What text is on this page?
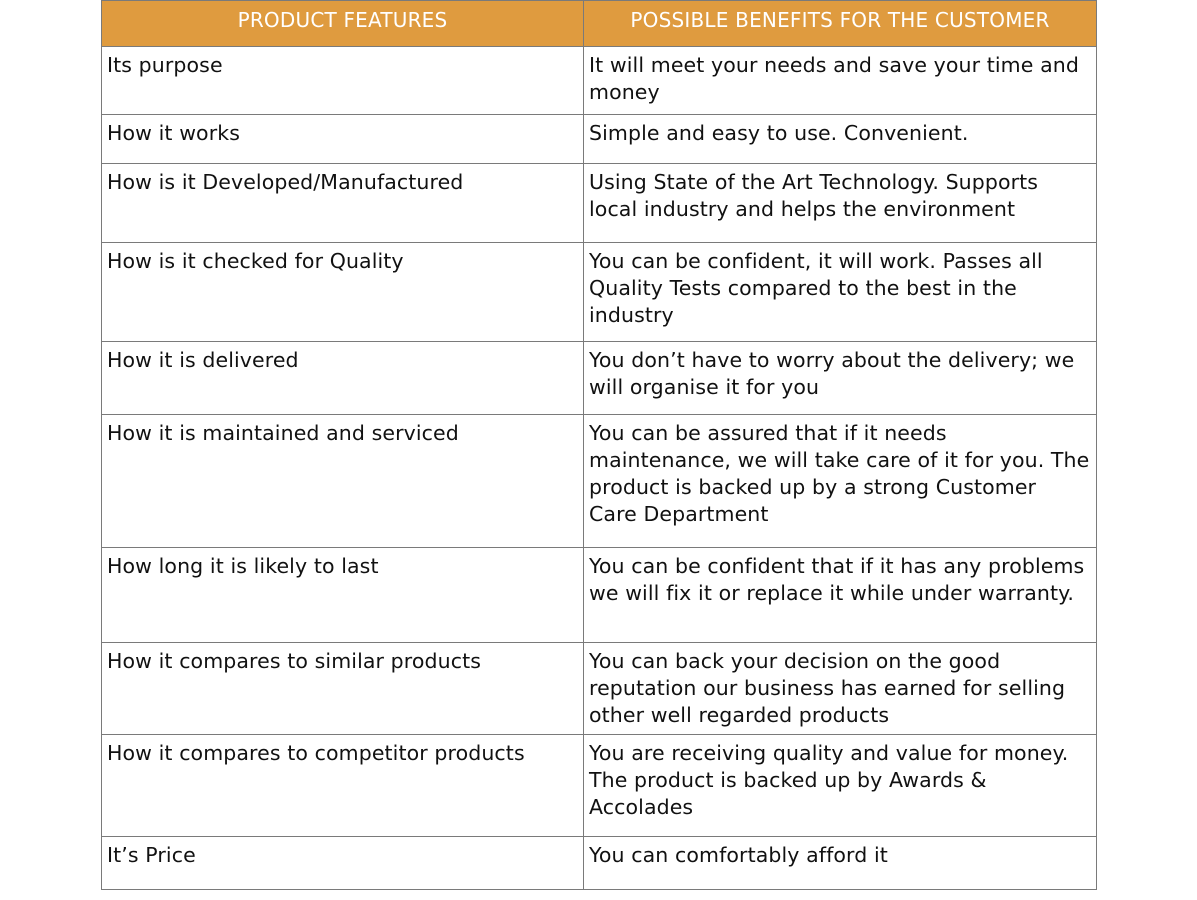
PRODUCT FEATURES	POSSIBLE BENEFITS FOR THE CUSTOMER
Its purpose	It will meet your needs and save your time and money
How it works	Simple and easy to use. Convenient.
How is it Developed/Manufactured	Using State of the Art Technology. Supports local industry and helps the environment
How is it checked for Quality	You can be confident, it will work. Passes all Quality Tests compared to the best in the industry
How it is delivered	You don’t have to worry about the delivery; we will organise it for you
How it is maintained and serviced	You can be assured that if it needs maintenance, we will take care of it for you. The product is backed up by a strong Customer Care Department
How long it is likely to last	You can be confident that if it has any problems we will fix it or replace it while under warranty.
How it compares to similar products	You can back your decision on the good reputation our business has earned for selling other well regarded products
How it compares to competitor products	You are receiving quality and value for money. The product is backed up by Awards & Accolades
It’s Price	You can comfortably afford it
